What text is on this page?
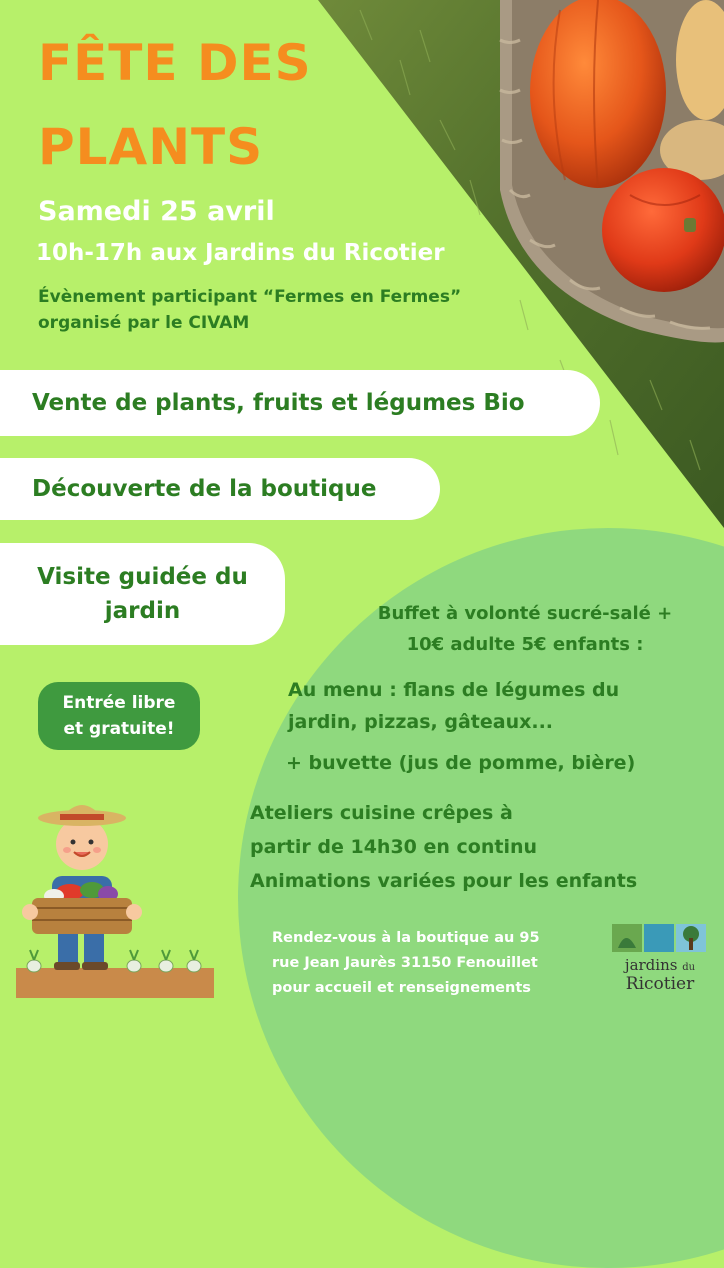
FÊTE DES
PLANTS

Samedi 25 avril

10h-17h aux Jardins du Ricotier

Évènement participant “Fermes en Fermes”
organisé par le CIVAM
Vente de plants, fruits et légumes Bio
Découverte de la boutique
Visite guidée du
jardin
Entrée libre
et gratuite!
Buffet à volonté sucré-salé +
10€ adulte 5€ enfants :
Au menu : flans de légumes du
jardin, pizzas, gâteaux...

+ buvette (jus de pomme, bière)

Ateliers cuisine crêpes à
partir de 14h30 en continu

Animations variées pour les enfants

Rendez-vous à la boutique au 95
rue Jean Jaurès 31150 Fenouillet
pour accueil et renseignements
jardins du
Ricotier
